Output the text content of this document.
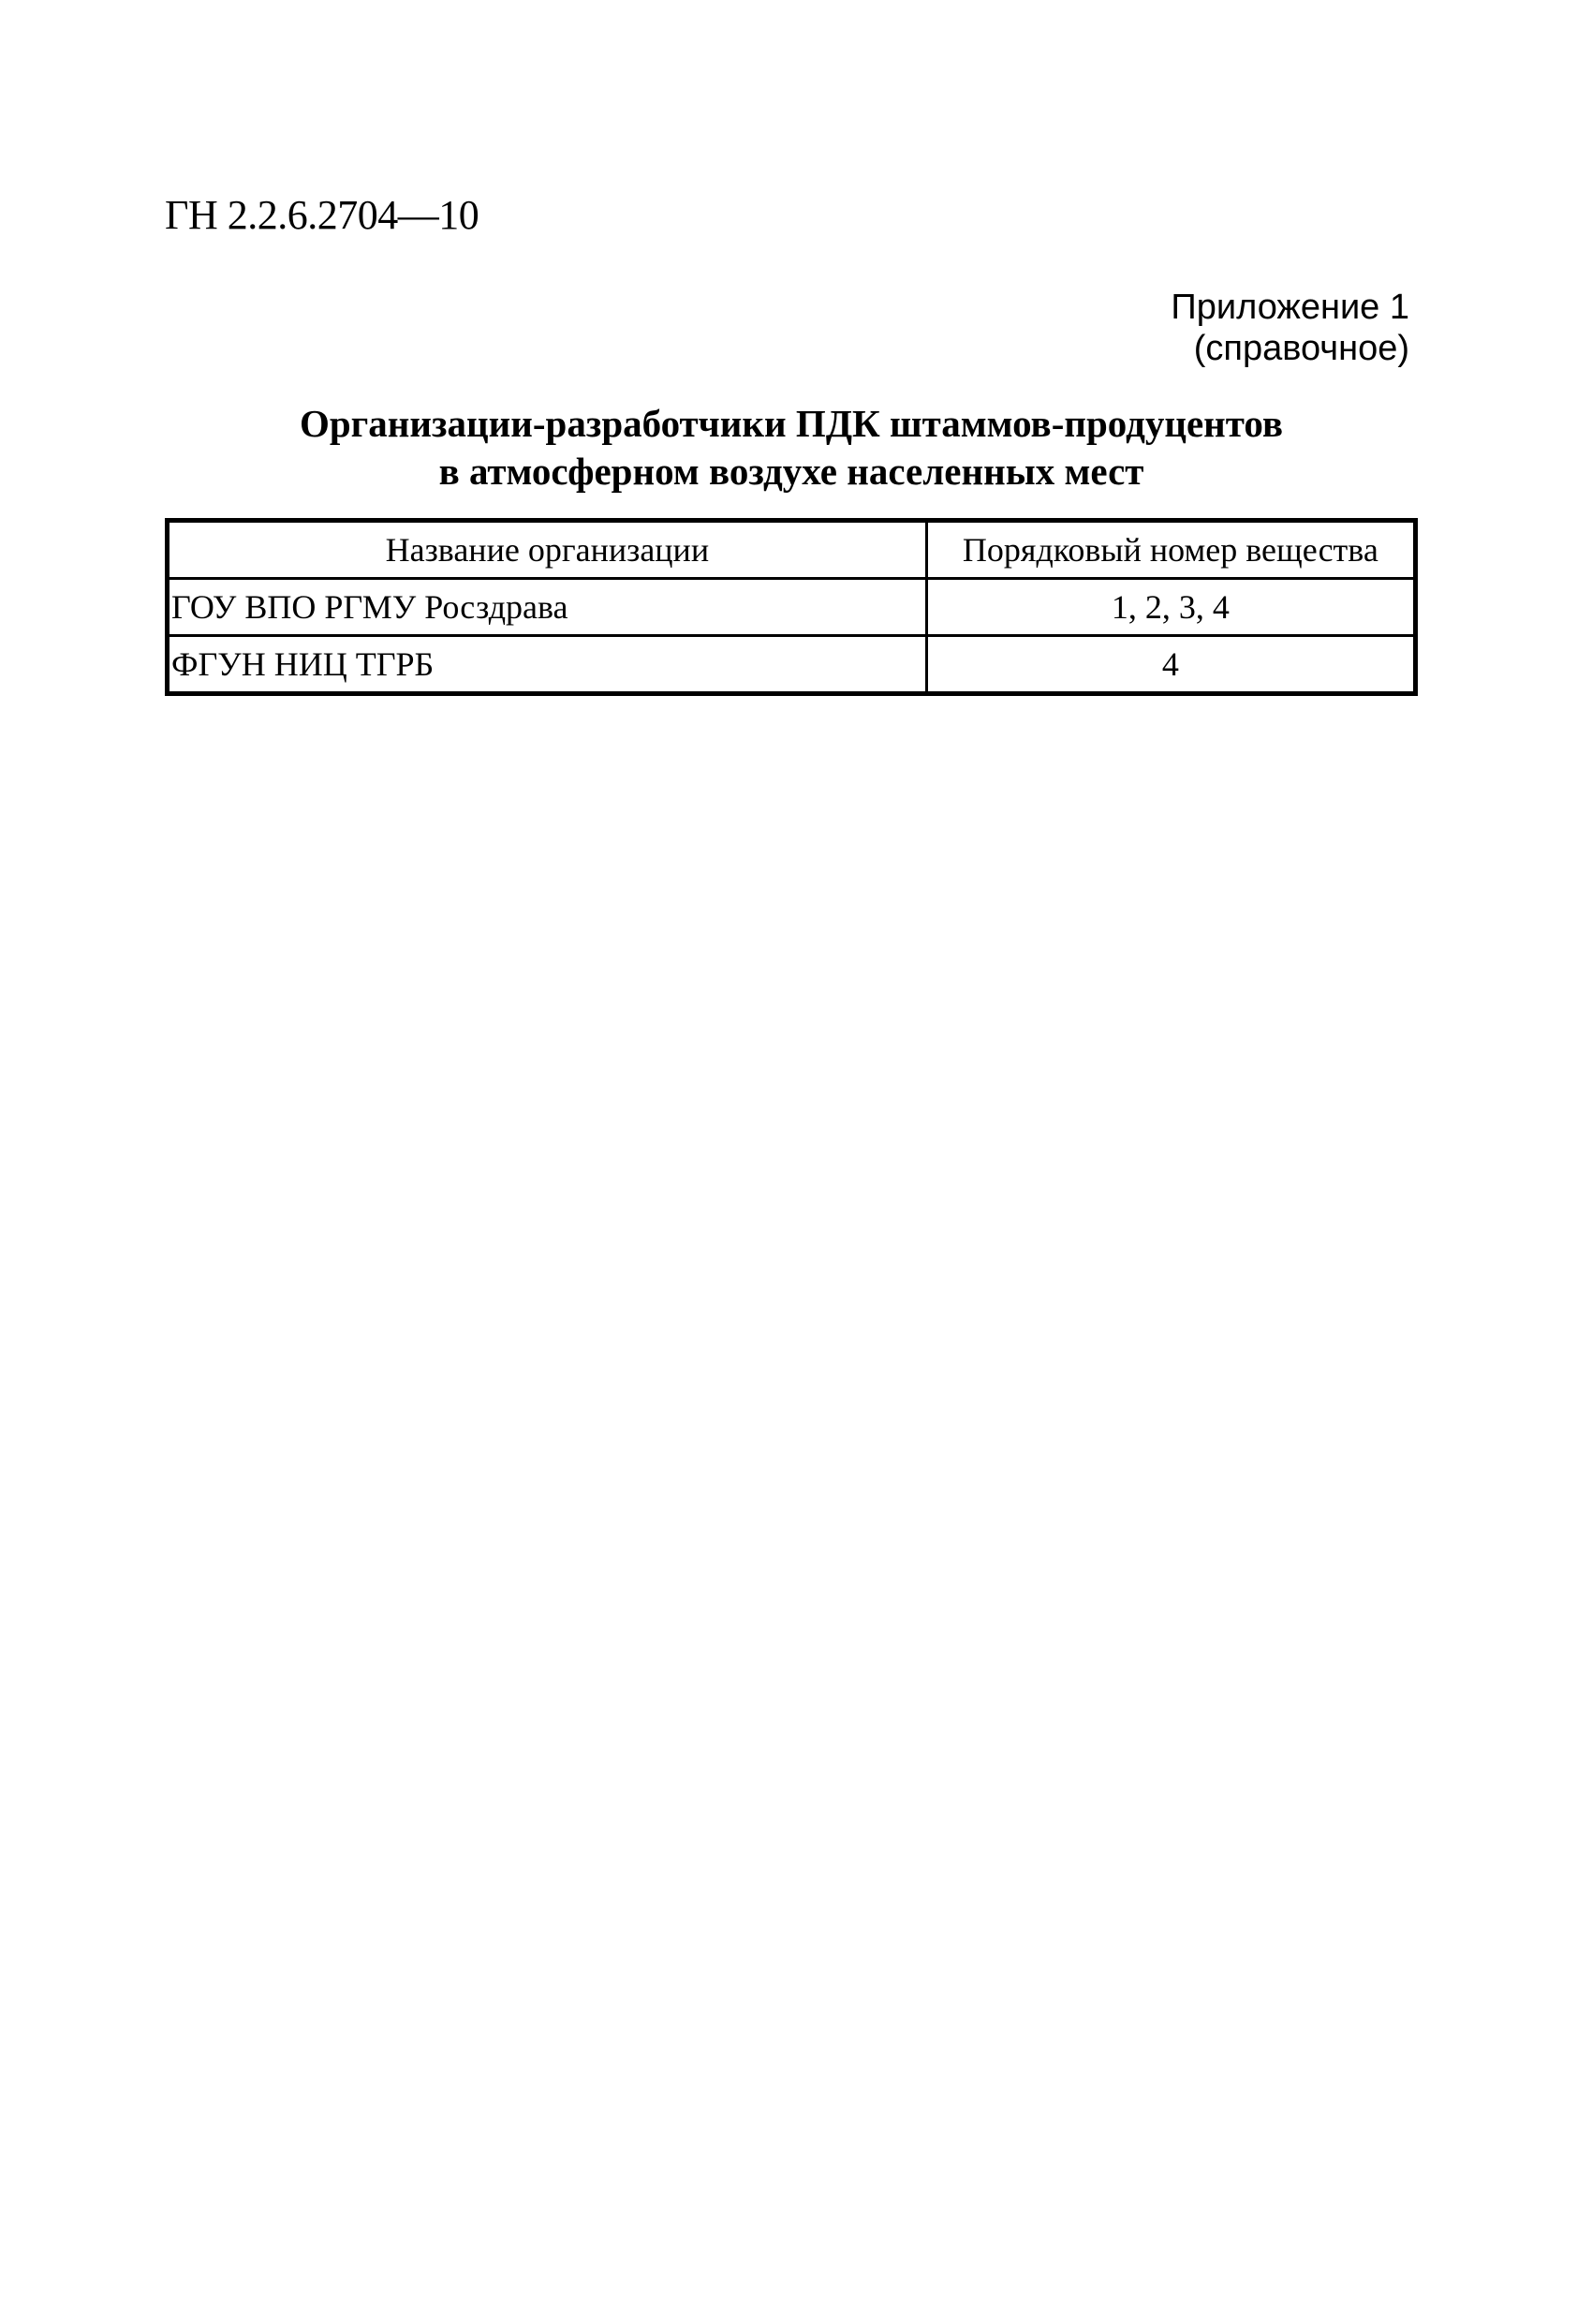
ГН 2.2.6.2704—10
Приложение 1
(справочное)
Организации-разработчики ПДК штаммов-продуцентов
в атмосферном воздухе населенных мест
Название организации	Порядковый номер вещества
ГОУ ВПО РГМУ Росздрава	1, 2, 3, 4
ФГУН НИЦ ТГРБ	4
